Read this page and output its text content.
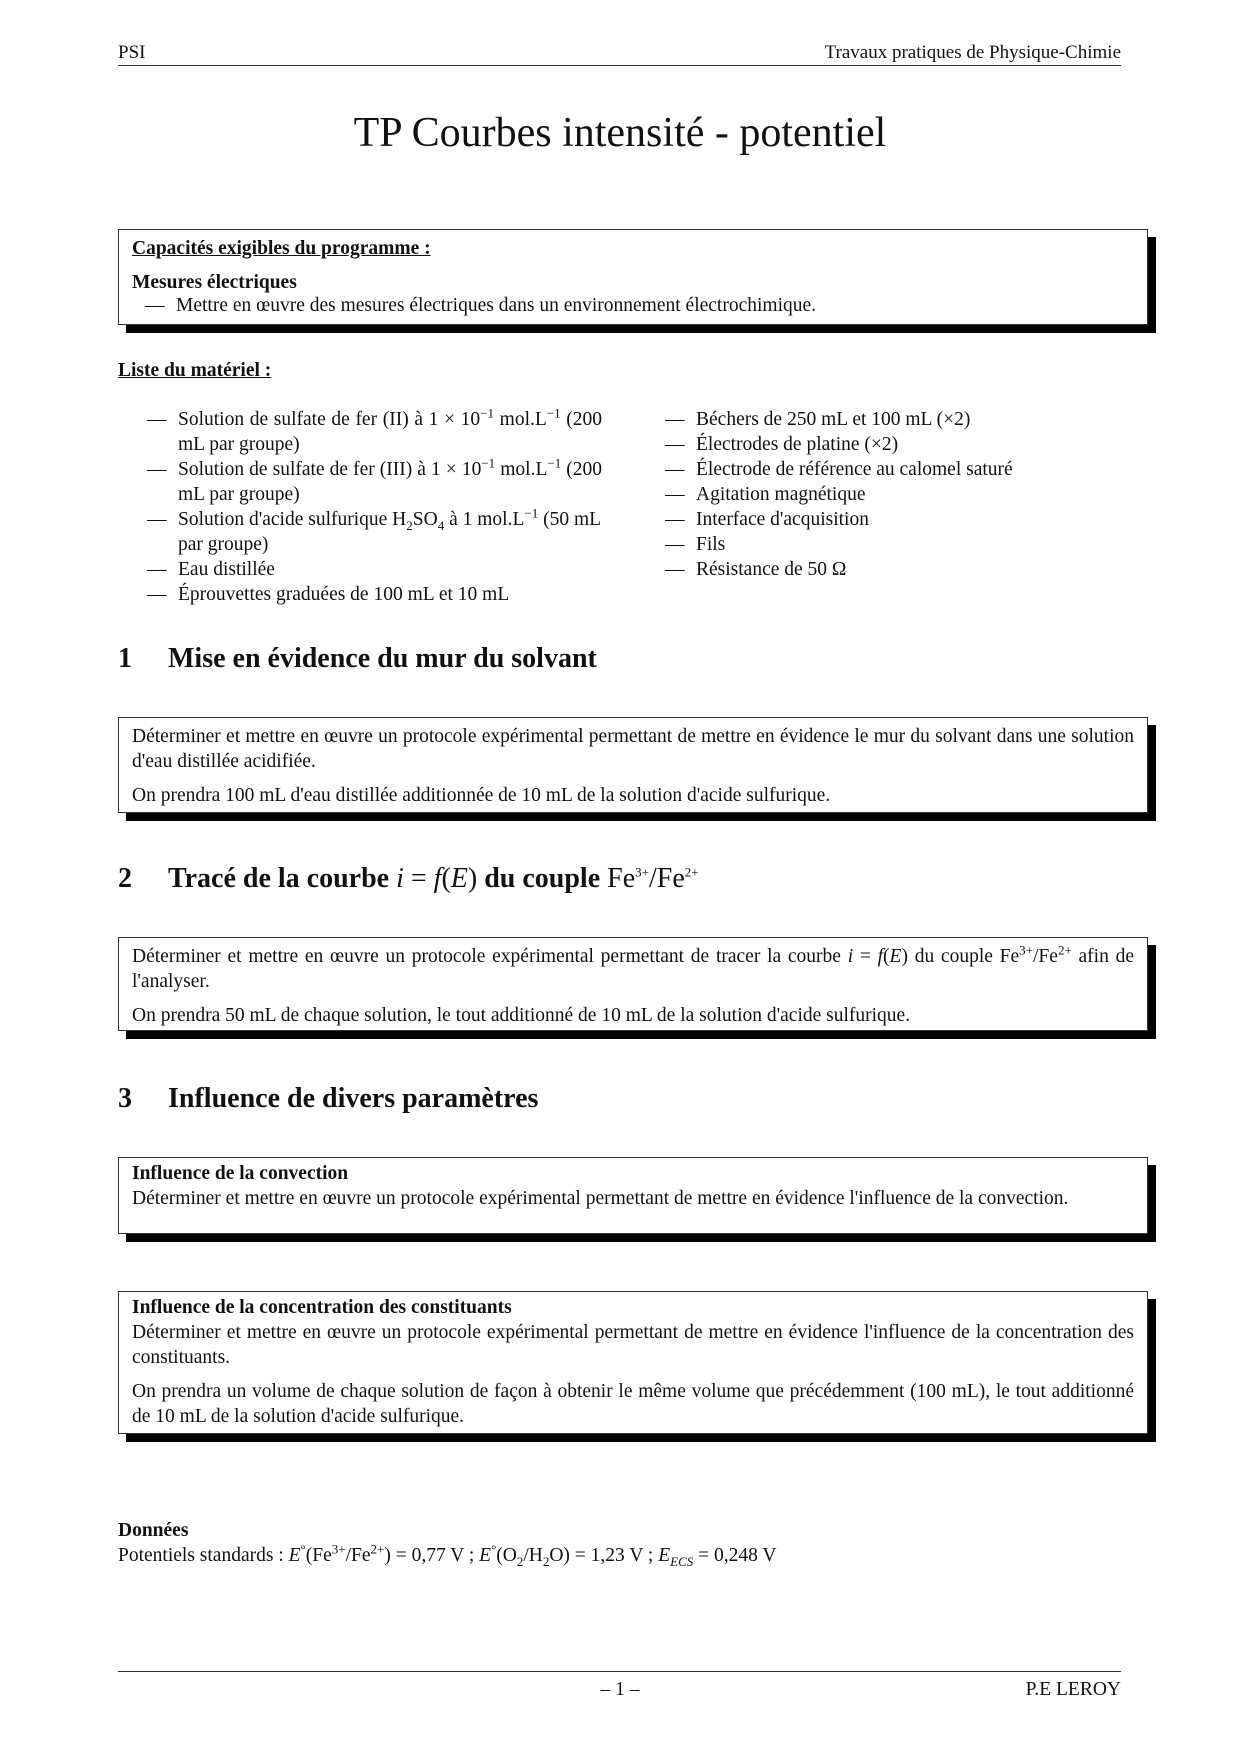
PSI	Travaux pratiques de Physique-Chimie
TP Courbes intensité - potentiel

Capacités exigibles du programme :

Mesures électriques

— Mettre en œuvre des mesures électriques dans un environnement électrochimique.
Liste du matériel :
— Solution de sulfate de fer (II) à $1 \times 10^{-1}$ $mol.L^{-1}$ (200 mL par groupe)
— Solution de sulfate de fer (III) à $1 \times 10^{-1}$ $mol.L^{-1}$ (200 mL par groupe)
— Solution d'acide sulfurique $H_2SO_4$ à 1 $mol.L^{-1}$ (50 mL par groupe)
— Eau distillée
— Éprouvettes graduées de 100 mL et 10 mL
— Béchers de 250 mL et 100 mL (×2)
— Électrodes de platine (×2)
— Électrode de référence au calomel saturé
— Agitation magnétique
— Interface d'acquisition
— Fils
— Résistance de 50 Ω
1 Mise en évidence du mur du solvant

Déterminer et mettre en œuvre un protocole expérimental permettant de mettre en évidence le mur du solvant dans une solution d'eau distillée acidifiée.

On prendra 100 mL d'eau distillée additionnée de 10 mL de la solution d'acide sulfurique.

2 Tracé de la courbe i = f(E) du couple $Fe^{3+}/Fe^{2+}$

Déterminer et mettre en œuvre un protocole expérimental permettant de tracer la courbe i = f(E) du couple $Fe^{3+}/Fe^{2+}$ afin de l'analyser.

On prendra 50 mL de chaque solution, le tout additionné de 10 mL de la solution d'acide sulfurique.

3 Influence de divers paramètres

Influence de la convection

Déterminer et mettre en œuvre un protocole expérimental permettant de mettre en évidence l'influence de la convection.

Influence de la concentration des constituants

Déterminer et mettre en œuvre un protocole expérimental permettant de mettre en évidence l'influence de la concentration des constituants.

On prendra un volume de chaque solution de façon à obtenir le même volume que précédemment (100 mL), le tout additionné de 10 mL de la solution d'acide sulfurique.

Données
Potentiels standards : $E^\circ(Fe^{3+}/Fe^{2+}) = 0,77$ V ; $E^\circ(O_2/H_2O) = 1,23$ V ; $E_{ECS} = 0,248$ V
– 1 –	P.E LEROY
